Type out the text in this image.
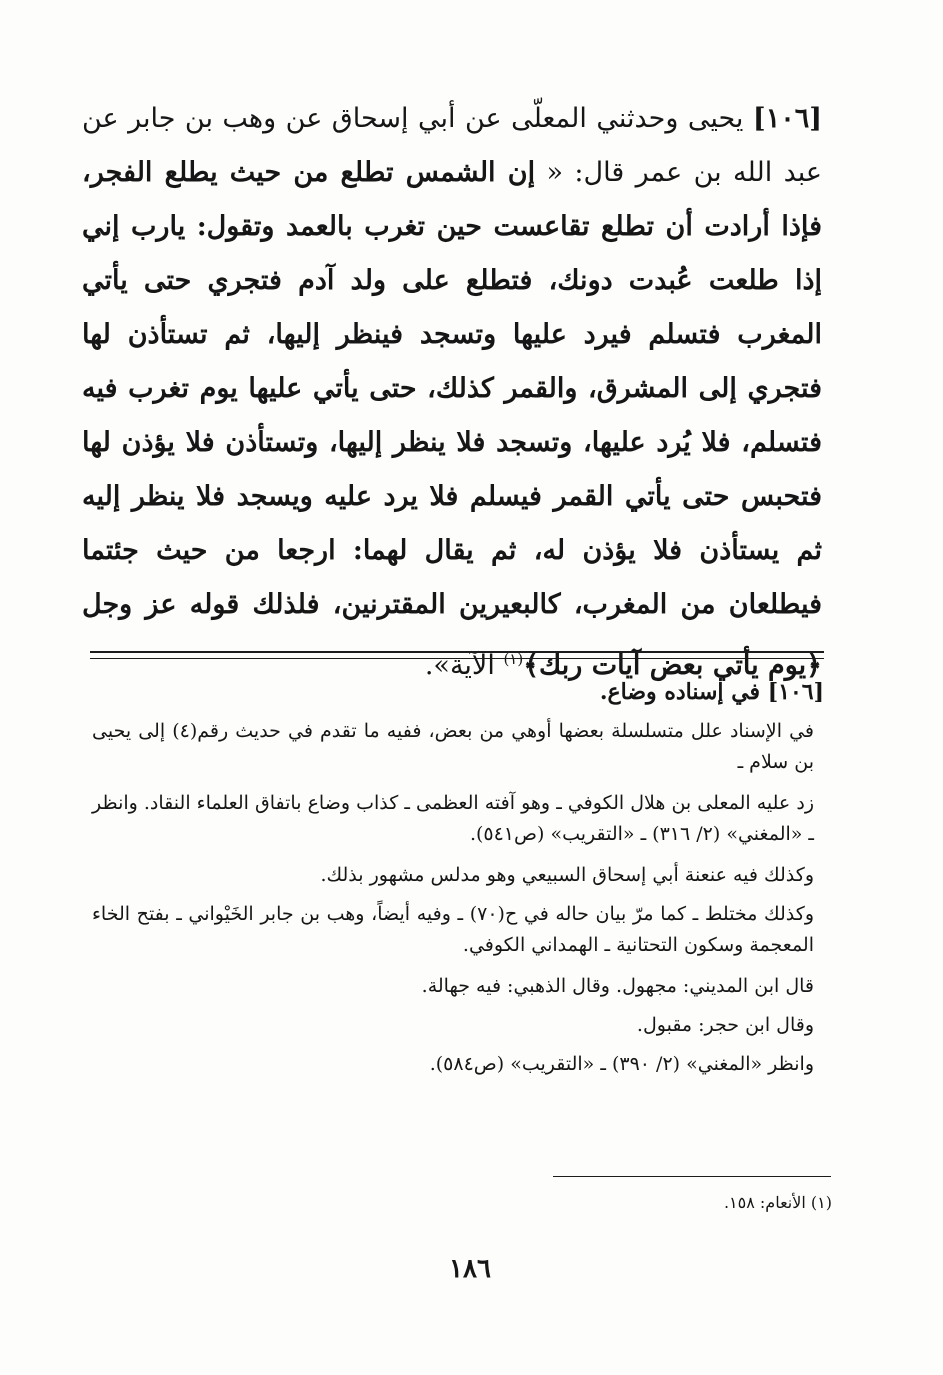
[١٠٦] يحيى وحدثني المعلّى عن أبي إسحاق عن وهب بن جابر عن عبد الله بن عمر قال: « إن الشمس تطلع من حيث يطلع الفجر، فإذا أرادت أن تطلع تقاعست حين تغرب بالعمد وتقول: يارب إني إذا طلعت عُبدت دونك، فتطلع على ولد آدم فتجري حتى يأتي المغرب فتسلم فيرد عليها وتسجد فينظر إليها، ثم تستأذن لها فتجري إلى المشرق، والقمر كذلك، حتى يأتي عليها يوم تغرب فيه فتسلم، فلا يُرد عليها، وتسجد فلا ينظر إليها، وتستأذن فلا يؤذن لها فتحبس حتى يأتي القمر فيسلم فلا يرد عليه ويسجد فلا ينظر إليه ثم يستأذن فلا يؤذن له، ثم يقال لهما: ارجعا من حيث جئتما فيطلعان من المغرب، كالبعيرين المقترنين، فلذلك قوله عز وجل ﴿يوم يأتي بعض آيات ربك﴾$^{(١)}$ الآية».
[١٠٦] في إسناده وضاع.
في الإسناد علل متسلسلة بعضها أوهي من بعض، ففيه ما تقدم في حديث رقم(٤) إلى يحيى بن سلام ـ
زد عليه المعلى بن هلال الكوفي ـ وهو آفته العظمى ـ كذاب وضاع باتفاق العلماء النقاد. وانظر ـ «المغني» (٢/ ٣١٦) ـ «التقريب» (ص٥٤١).
وكذلك فيه عنعنة أبي إسحاق السبيعي وهو مدلس مشهور بذلك.
وكذلك مختلط ـ كما مرّ بيان حاله في ح(٧٠) ـ وفيه أيضاً، وهب بن جابر الخَيْواني ـ بفتح الخاء المعجمة وسكون التحتانية ـ الهمداني الكوفي.
قال ابن المديني: مجهول. وقال الذهبي: فيه جهالة.
وقال ابن حجر: مقبول.
وانظر «المغني» (٢/ ٣٩٠) ـ «التقريب» (ص٥٨٤).
(١) الأنعام: ١٥٨.
١٨٦
